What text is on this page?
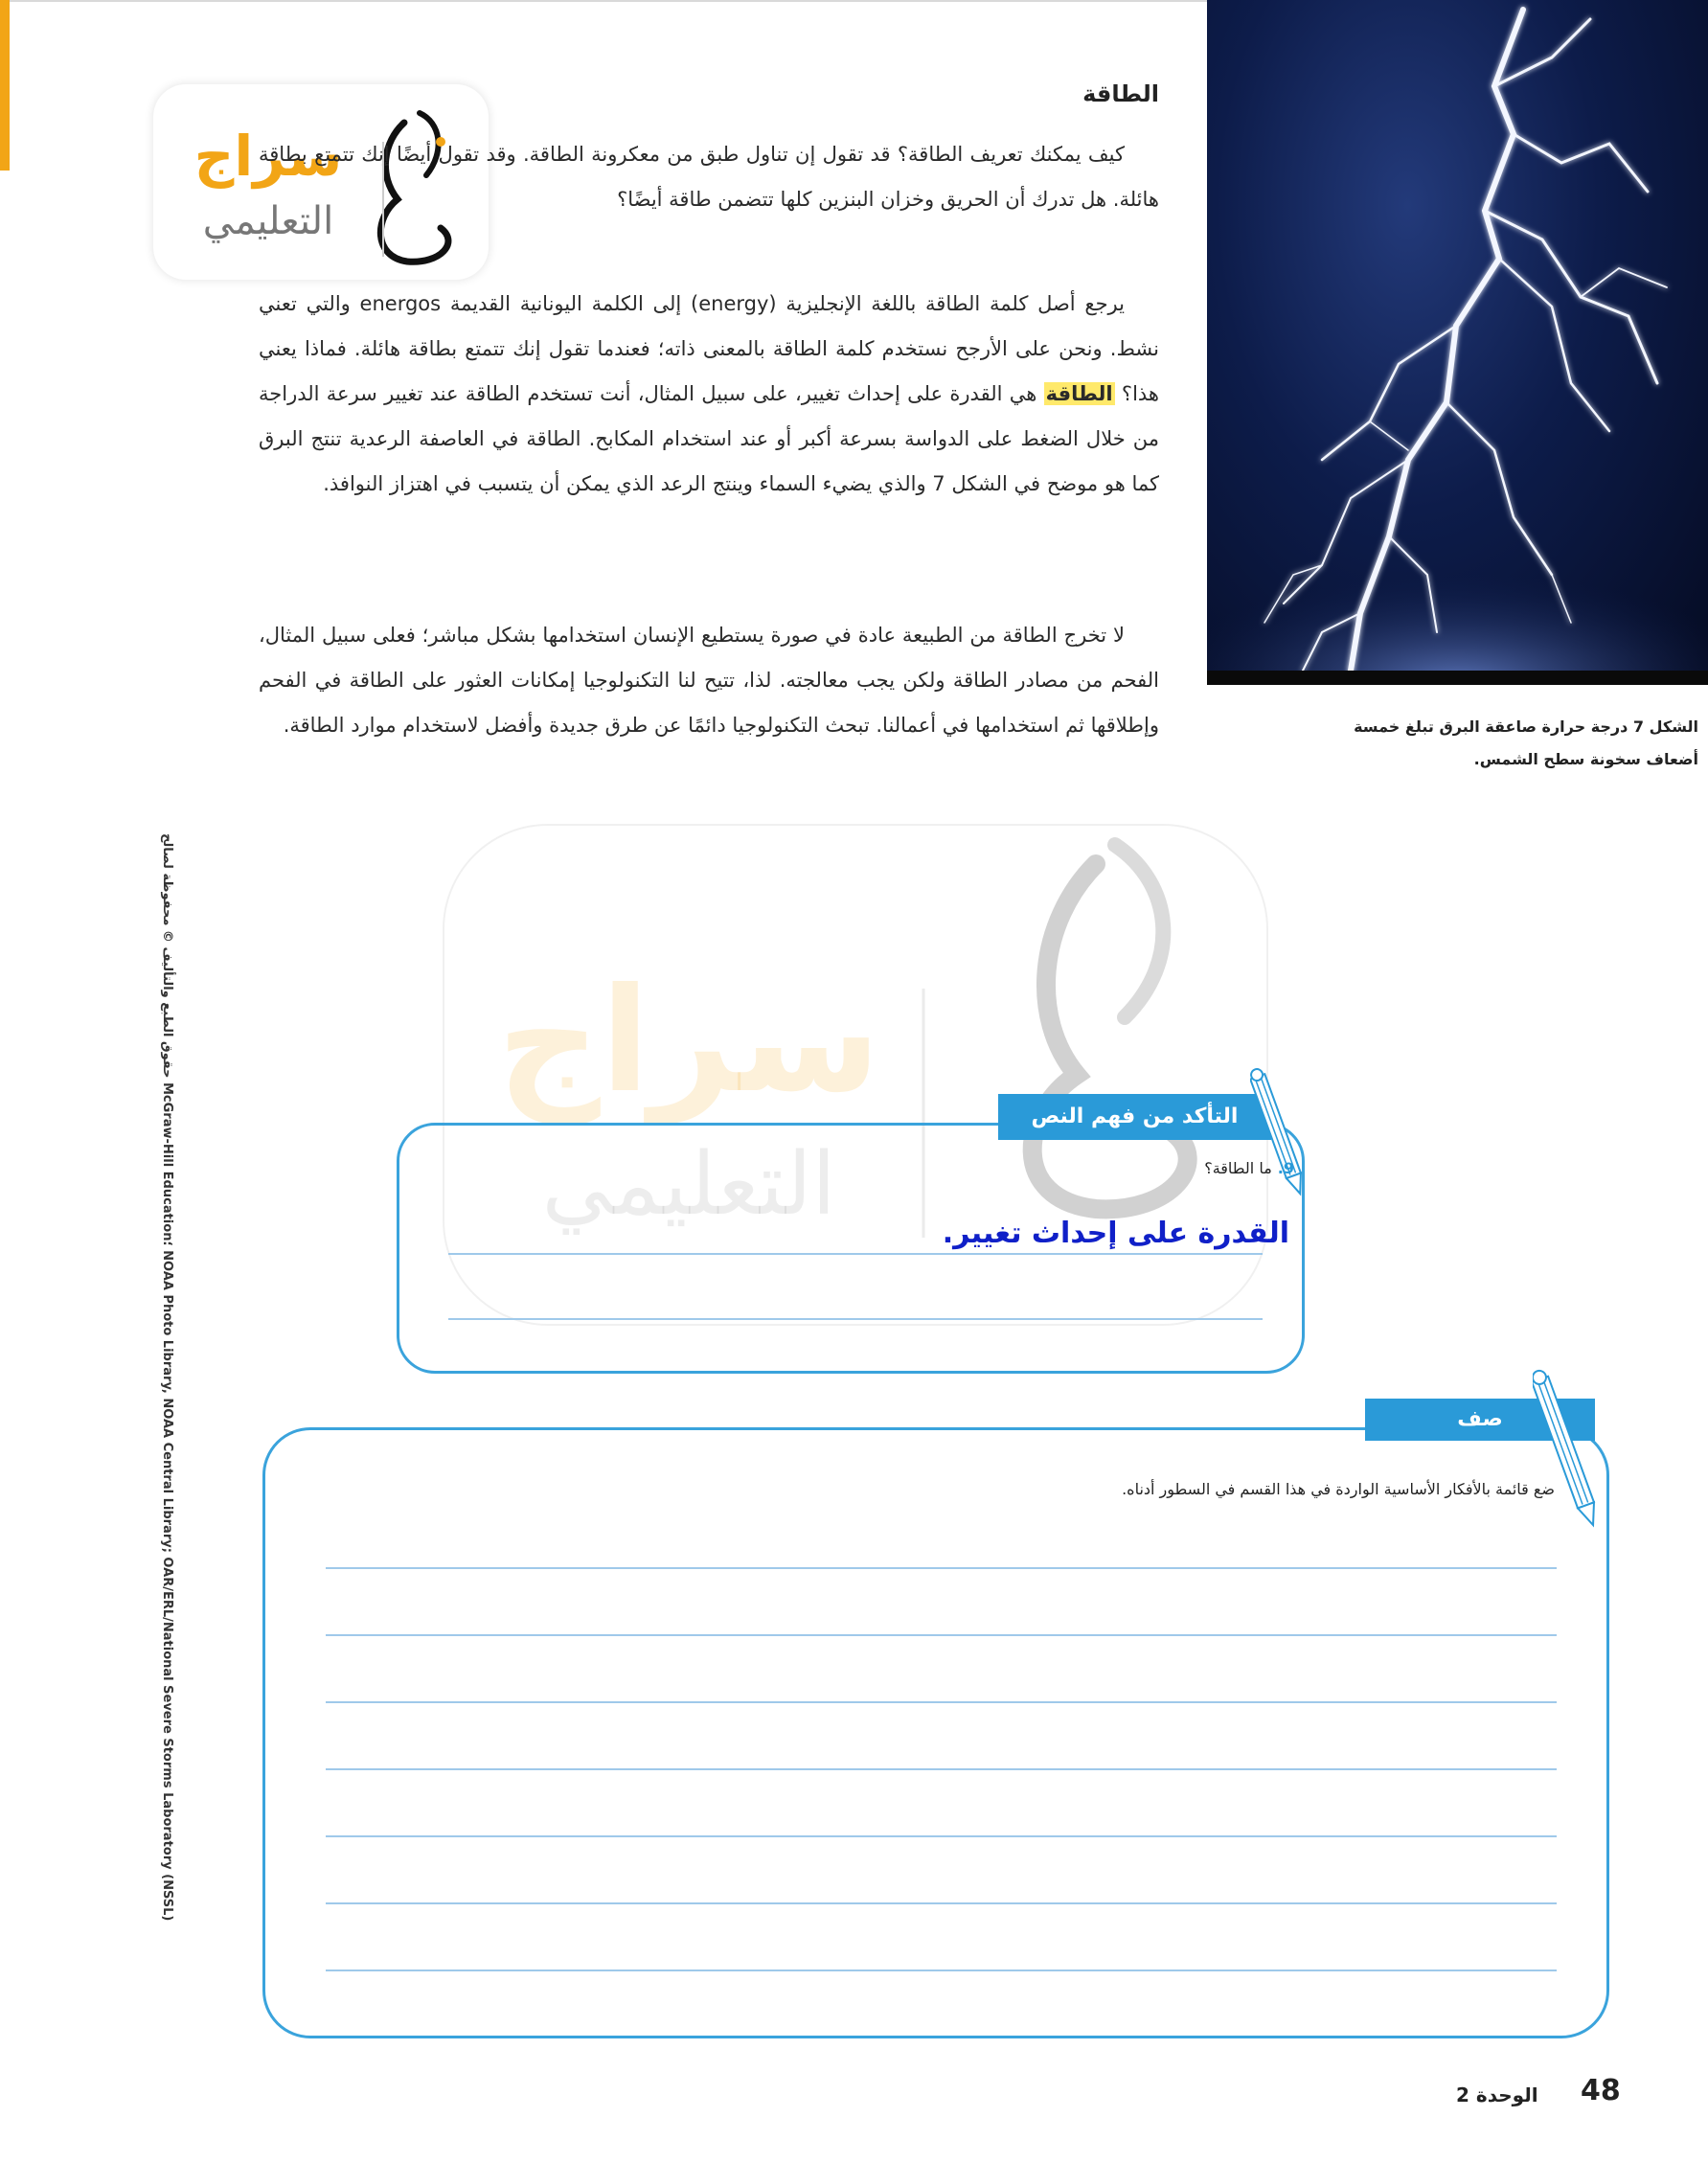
الشكل 7 درجة حرارة صاعقة البرق تبلغ خمسة أضعاف سخونة سطح الشمس.
سراج
التعليمي
الطاقة

كيف يمكنك تعريف الطاقة؟ قد تقول إن تناول طبق من معكرونة الطاقة. وقد تقول أيضًا إنك تتمتع بطاقة هائلة. هل تدرك أن الحريق وخزان البنزين كلها تتضمن طاقة أيضًا؟

يرجع أصل كلمة الطاقة باللغة الإنجليزية (energy) إلى الكلمة اليونانية القديمة energos والتي تعني نشط. ونحن على الأرجح نستخدم كلمة الطاقة بالمعنى ذاته؛ فعندما تقول إنك تتمتع بطاقة هائلة. فماذا يعني هذا؟ الطاقة هي القدرة على إحداث تغيير، على سبيل المثال، أنت تستخدم الطاقة عند تغيير سرعة الدراجة من خلال الضغط على الدواسة بسرعة أكبر أو عند استخدام المكابح. الطاقة في العاصفة الرعدية تنتج البرق كما هو موضح في الشكل 7 والذي يضيء السماء وينتج الرعد الذي يمكن أن يتسبب في اهتزاز النوافذ.

لا تخرج الطاقة من الطبيعة عادة في صورة يستطيع الإنسان استخدامها بشكل مباشر؛ فعلى سبيل المثال، الفحم من مصادر الطاقة ولكن يجب معالجته. لذا، تتيح لنا التكنولوجيا إمكانات العثور على الطاقة في الفحم وإطلاقها ثم استخدامها في أعمالنا. تبحث التكنولوجيا دائمًا عن طرق جديدة وأفضل لاستخدام موارد الطاقة.

حقوق الطبع والتأليف © محفوظة لصالح McGraw-Hill Education؛ NOAA Photo Library, NOAA Central Library; OAR/ERL/National Severe Storms Laboratory (NSSL)
سراج
التعليمي
التأكد من فهم النص
9.ما الطاقة؟
القدرة على إحداث تغيير.
صف
ضع قائمة بالأفكار الأساسية الواردة في هذا القسم في السطور أدناه.
الوحدة 2 48
